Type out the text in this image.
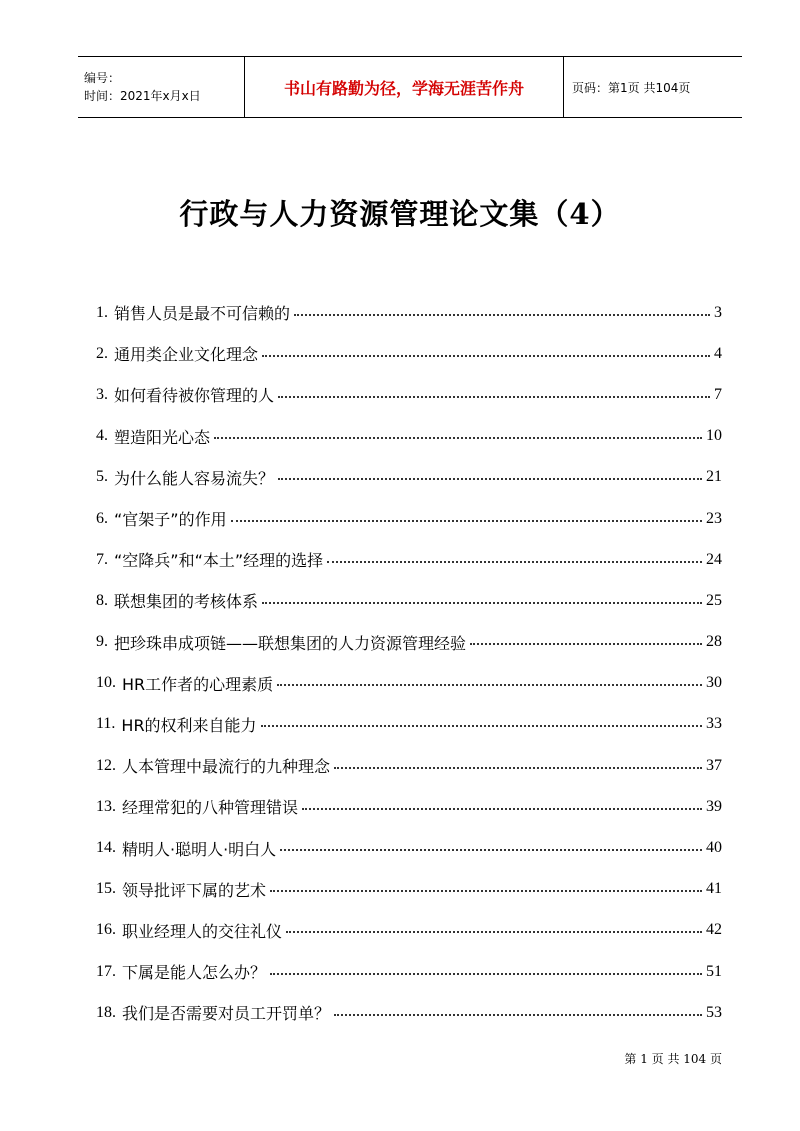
编号：
时间：2021年x月x日	书山有路勤为径，学海无涯苦作舟	页码：第1页 共104页
行政与人力资源管理论文集（4）
1. 销售人员是最不可信赖的	3
2. 通用类企业文化理念	4
3. 如何看待被你管理的人	7
4. 塑造阳光心态	10
5. 为什么能人容易流失？	21
6. “官架子”的作用	23
7. “空降兵”和“本土”经理的选择	24
8. 联想集团的考核体系	25
9. 把珍珠串成项链——联想集团的人力资源管理经验	28
10. HR工作者的心理素质	30
11. HR的权利来自能力	33
12. 人本管理中最流行的九种理念	37
13. 经理常犯的八种管理错误	39
14. 精明人·聪明人·明白人	40
15. 领导批评下属的艺术	41
16. 职业经理人的交往礼仪	42
17. 下属是能人怎么办？	51
18. 我们是否需要对员工开罚单？	53
第 1 页 共 104 页
